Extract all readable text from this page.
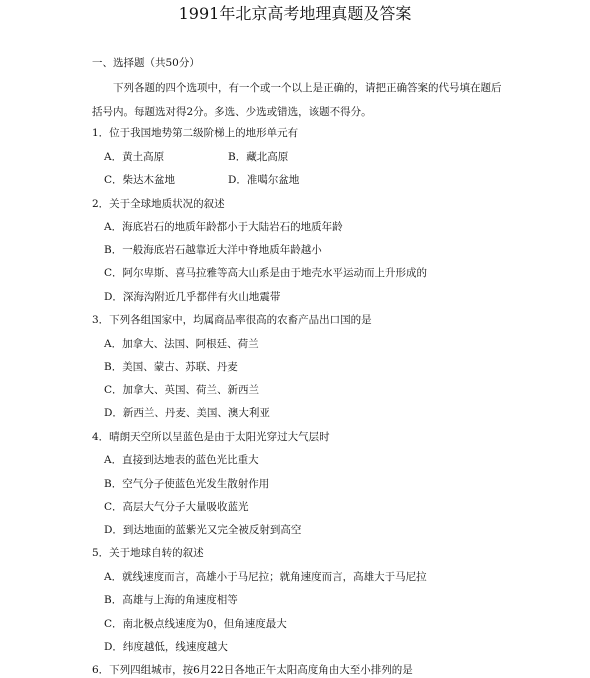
1991年北京高考地理真题及答案
一、选择题（共50分）

下列各题的四个选项中，有一个或一个以上是正确的，请把正确答案的代号填在题后括号内。每题选对得2分。多选、少选或错选，该题不得分。

1．位于我国地势第二级阶梯上的地形单元有
A．黄土高原	B．藏北高原
C．柴达木盆地	D．准噶尔盆地
2．关于全球地质状况的叙述
A．海底岩石的地质年龄都小于大陆岩石的地质年龄
B．一般海底岩石越靠近大洋中脊地质年龄越小
C．阿尔卑斯、喜马拉雅等高大山系是由于地壳水平运动而上升形成的
D．深海沟附近几乎都伴有火山地震带
3．下列各组国家中，均属商品率很高的农畜产品出口国的是
A．加拿大、法国、阿根廷、荷兰
B．美国、蒙古、苏联、丹麦
C．加拿大、英国、荷兰、新西兰
D．新西兰、丹麦、美国、澳大利亚
4．晴朗天空所以呈蓝色是由于太阳光穿过大气层时
A．直接到达地表的蓝色光比重大
B．空气分子使蓝色光发生散射作用
C．高层大气分子大量吸收蓝光
D．到达地面的蓝紫光又完全被反射到高空
5．关于地球自转的叙述
A．就线速度而言，高雄小于马尼拉；就角速度而言，高雄大于马尼拉
B．高雄与上海的角速度相等
C．南北极点线速度为0，但角速度最大
D．纬度越低，线速度越大
6．下列四组城市，按6月22日各地正午太阳高度角由大至小排列的是
